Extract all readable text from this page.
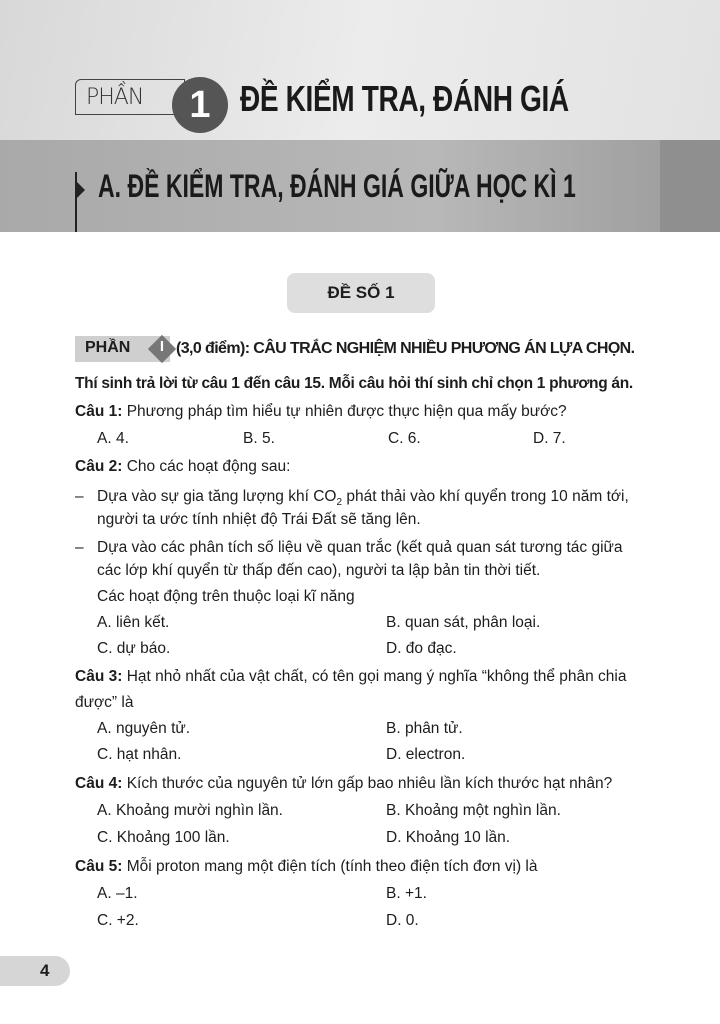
PHẦN	1 ĐỀ KIỂM TRA, ĐÁNH GIÁ
A. ĐỀ KIỂM TRA, ĐÁNH GIÁ GIỮA HỌC KÌ 1
ĐỀ SỐ 1
PHẦN I (3,0 điểm): CÂU TRẮC NGHIỆM NHIỀU PHƯƠNG ÁN LỰA CHỌN.
Thí sinh trả lời từ câu 1 đến câu 15. Mỗi câu hỏi thí sinh chỉ chọn 1 phương án.
Câu 1: Phương pháp tìm hiểu tự nhiên được thực hiện qua mấy bước?
A. 4.	B. 5.	C. 6.	D. 7.
Câu 2: Cho các hoạt động sau:
– Dựa vào sự gia tăng lượng khí $CO_2$ phát thải vào khí quyển trong 10 năm tới,
người ta ước tính nhiệt độ Trái Đất sẽ tăng lên.
– Dựa vào các phân tích số liệu về quan trắc (kết quả quan sát tương tác giữa
các lớp khí quyển từ thấp đến cao), người ta lập bản tin thời tiết.
Các hoạt động trên thuộc loại kĩ năng
A. liên kết.	B. quan sát, phân loại.
C. dự báo.	D. đo đạc.
Câu 3: Hạt nhỏ nhất của vật chất, có tên gọi mang ý nghĩa “không thể phân chia
được” là
A. nguyên tử.	B. phân tử.
C. hạt nhân.	D. electron.
Câu 4: Kích thước của nguyên tử lớn gấp bao nhiêu lần kích thước hạt nhân?
A. Khoảng mười nghìn lần.	B. Khoảng một nghìn lần.
C. Khoảng 100 lần.	D. Khoảng 10 lần.
Câu 5: Mỗi proton mang một điện tích (tính theo điện tích đơn vị) là
A. –1.	B. +1.
C. +2.	D. 0.
4
